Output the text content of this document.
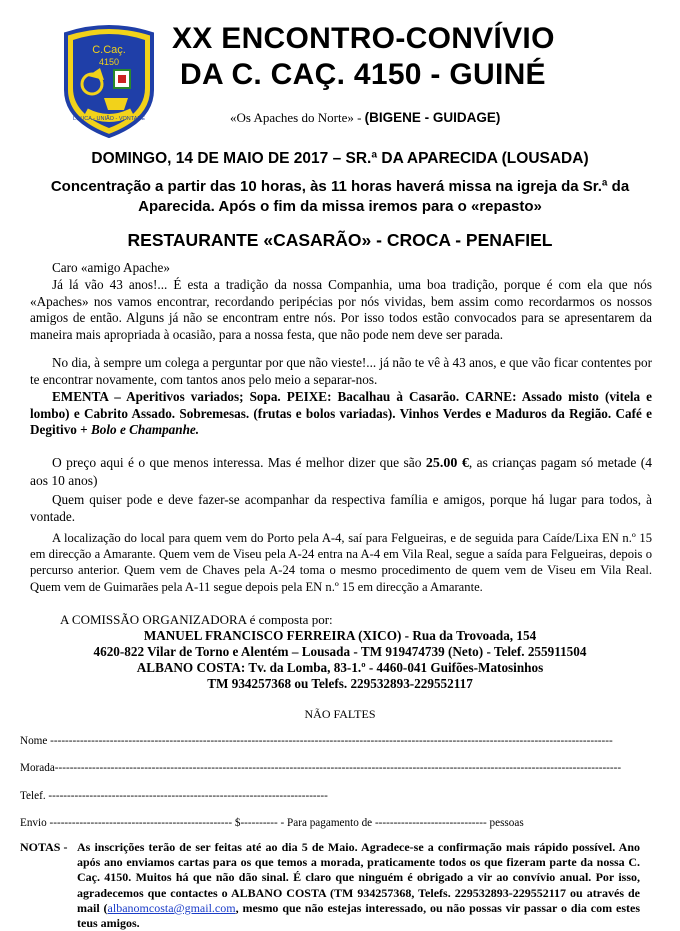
C.Caç.
4150
LOUCA - UNIÃO - VONTADE
XX ENCONTRO-CONVÍVIO
DA C. CAÇ. 4150 - GUINÉ
«Os Apaches do Norte» - (BIGENE - GUIDAGE)
DOMINGO, 14 DE MAIO DE 2017 – SR.ª DA APARECIDA (LOUSADA)
Concentração a partir das 10 horas, às 11 horas haverá missa na igreja da Sr.ª da Aparecida. Após o fim da missa iremos para o «repasto»
RESTAURANTE «CASARÃO» - CROCA - PENAFIEL
Caro «amigo Apache»
Já lá vão 43 anos!... É esta a tradição da nossa Companhia, uma boa tradição, porque é com ela que nós «Apaches» nos vamos encontrar, recordando peripécias por nós vividas, bem assim como recordarmos os nossos amigos de então. Alguns já não se encontram entre nós. Por isso todos estão convocados para se apresentarem da maneira mais apropriada à ocasião, para a nossa festa, que não pode nem deve ser parada.
No dia, à sempre um colega a perguntar por que não vieste!... já não te vê à 43 anos, e que vão ficar contentes por te encontrar novamente, com tantos anos pelo meio a separar-nos.
EMENTA – Aperitivos variados; Sopa. PEIXE: Bacalhau à Casarão. CARNE: Assado misto (vitela e lombo) e Cabrito Assado. Sobremesas. (frutas e bolos variadas). Vinhos Verdes e Maduros da Região. Café e Degitivo + Bolo e Champanhe.
O preço aqui é o que menos interessa. Mas é melhor dizer que são 25.00 €, as crianças pagam só metade (4 aos 10 anos)
Quem quiser pode e deve fazer-se acompanhar da respectiva família e amigos, porque há lugar para todos, à vontade.
A localização do local para quem vem do Porto pela A-4, saí para Felgueiras, e de seguida para Caíde/Lixa EN n.º 15 em direcção a Amarante. Quem vem de Viseu pela A-24 entra na A-4 em Vila Real, segue a saída para Felgueiras, depois o percurso anterior. Quem vem de Chaves pela A-24 toma o mesmo procedimento de quem vem de Viseu em Vila Real. Quem vem de Guimarães pela A-11 segue depois pela EN n.º 15 em direcção a Amarante.
A COMISSÃO ORGANIZADORA é composta por:
MANUEL FRANCISCO FERREIRA (XICO) - Rua da Trovoada, 154
4620-822 Vilar de Torno e Alentém – Lousada - TM 919474739 (Neto) - Telef. 255911504
ALBANO COSTA: Tv. da Lomba, 83-1.º - 4460-041 Guifões-Matosinhos
TM 934257368 ou Telefs. 229532893-229552117
NÃO FALTES
Nome -------------------------------------------------------------------------------------------------------------------------------------------------------
Morada--------------------------------------------------------------------------------------------------------------------------------------------------------
Telef. ---------------------------------------------------------------------------
Envio ------------------------------------------------- $---------- - Para pagamento de ------------------------------ pessoas
NOTAS - As inscrições terão de ser feitas até ao dia 5 de Maio. Agradece-se a confirmação mais rápido possível. Ano após ano enviamos cartas para os que temos a morada, praticamente todos os que fizeram parte da nossa C. Caç. 4150. Muitos há que não dão sinal. É claro que ninguém é obrigado a vir ao convívio anual. Por isso, agradecemos que contactes o ALBANO COSTA (TM 934257368, Telefs. 229532893-229552117 ou através de mail (albanomcosta@gmail.com, mesmo que não estejas interessado, ou não possas vir passar o dia com estes teus amigos.
